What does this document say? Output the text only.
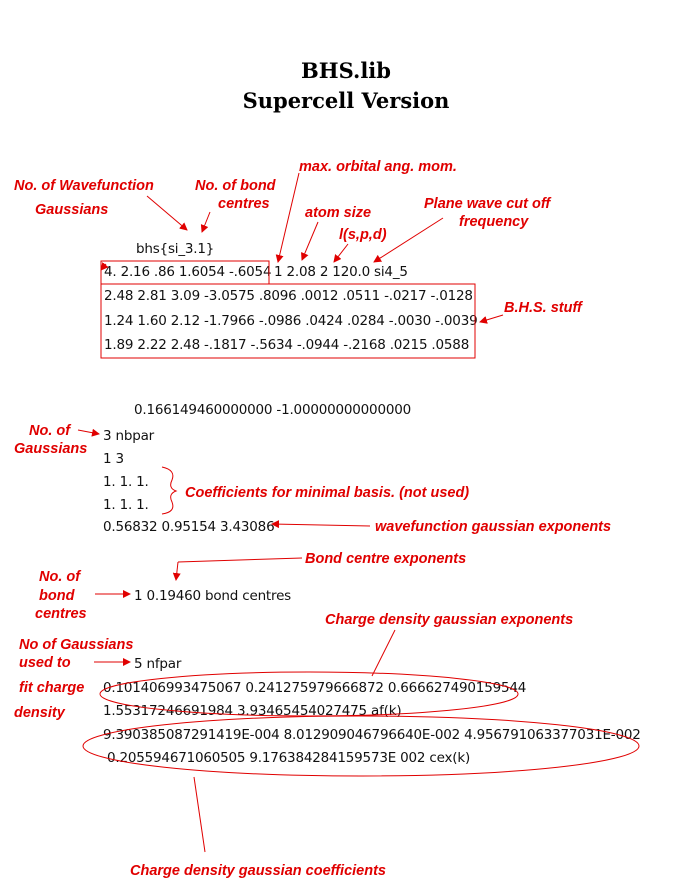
BHS.lib
Supercell Version
bhs{si_3.1}
4. 2.16 .86 1.6054 -.6054 1 2.08 2 120.0 si4_5
2.48 2.81 3.09 -3.0575 .8096 .0012 .0511 -.0217 -.0128
1.24 1.60 2.12 -1.7966 -.0986 .0424 .0284 -.0030 -.0039
1.89 2.22 2.48 -.1817 -.5634 -.0944 -.2168 .0215 .0588
0.166149460000000 -1.00000000000000
3 nbpar
1 3
1. 1. 1.
1. 1. 1.
0.56832 0.95154 3.43086
1 0.19460 bond centres
5 nfpar
0.101406993475067 0.241275979666872 0.666627490159544
1.55317246691984 3.93465454027475 af(k)
9.390385087291419E-004 8.012909046796640E-002 4.956791063377031E-002
0.205594671060505 9.176384284159573E 002 cex(k)
max. orbital ang. mom.
No. of Wavefunction
Gaussians
No. of bond
centres
atom size
Plane wave cut off
frequency
l(s,p,d)
B.H.S. stuff
No. of
Gaussians
Coefficients for minimal basis. (not used)
wavefunction gaussian exponents
Bond centre exponents
No. of
bond
centres	Charge density gaussian exponents
No of Gaussians
used to
fit charge
density
Charge density gaussian coefficients
